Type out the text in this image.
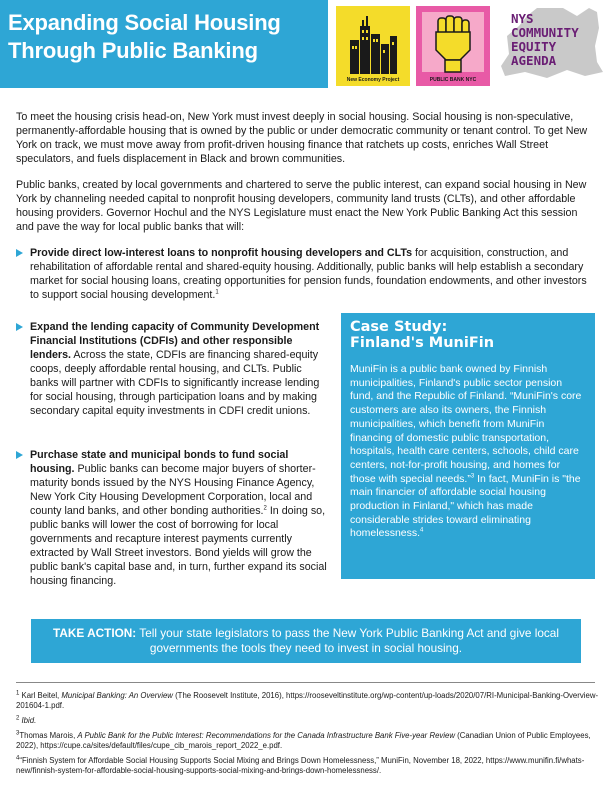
Expanding Social Housing
Through Public Banking
New Economy Project	PUBLIC BANK NYC
NYS
COMMUNITY
EQUITY
AGENDA
To meet the housing crisis head-on, New York must invest deeply in social housing. Social housing is non-speculative, permanently-affordable housing that is owned by the public or under democratic community or tenant control. To get New York on track, we must move away from profit-driven housing finance that ratchets up costs, enriches Wall Street speculators, and fuels displacement in Black and brown communities.
Public banks, created by local governments and chartered to serve the public interest, can expand social housing in New York by channeling needed capital to nonprofit housing developers, community land trusts (CLTs), and other affordable housing providers. Governor Hochul and the NYS Legislature must enact the New York Public Banking Act this session and pave the way for local public banks that will:
Provide direct low-interest loans to nonprofit housing developers and CLTs for acquisition, construction, and rehabilitation of affordable rental and shared-equity housing. Additionally, public banks will help establish a secondary market for social housing loans, creating opportunities for pension funds, foundation endowments, and other investors to support social housing development.$^1$
Expand the lending capacity of Community Development Financial Institutions (CDFIs) and other responsible lenders. Across the state, CDFIs are financing shared-equity coops, deeply affordable rental housing, and CLTs. Public banks will partner with CDFIs to significantly increase lending for social housing, through participation loans and by making secondary capital equity investments in CDFI credit unions.
Purchase state and municipal bonds to fund social housing. Public banks can become major buyers of shorter-maturity bonds issued by the NYS Housing Finance Agency, New York City Housing Development Corporation, local and county land banks, and other bonding authorities.$^2$ In doing so, public banks will lower the cost of borrowing for local governments and recapture interest payments currently extracted by Wall Street investors. Bond yields will grow the public bank's capital base and, in turn, further expand its social housing financing.
Case Study:
Finland's MuniFin

MuniFin is a public bank owned by Finnish municipalities, Finland's public sector pension fund, and the Republic of Finland. “MuniFin's core customers are also its owners, the Finnish municipalities, which benefit from MuniFin financing of domestic public transportation, hospitals, health care centers, schools, child care centers, not-for-profit housing, and homes for those with special needs.”$^3$ In fact, MuniFin is "the main financier of affordable social housing production in Finland," which has made considerable strides toward eliminating homelessness.$^4$

TAKE ACTION: Tell your state legislators to pass the New York Public Banking Act and give local governments the tools they need to invest in social housing.
$^1$ Karl Beitel, Municipal Banking: An Overview (The Roosevelt Institute, 2016), https://rooseveltinstitute.org/wp-content/up-loads/2020/07/RI-Municipal-Banking-Overview-201604-1.pdf.
$^2$ Ibid.
$^3$Thomas Marois, A Public Bank for the Public Interest: Recommendations for the Canada Infrastructure Bank Five-year Review (Canadian Union of Public Employees, 2022), https://cupe.ca/sites/default/files/cupe_cib_marois_report_2022_e.pdf.
$^4$“Finnish System for Affordable Social Housing Supports Social Mixing and Brings Down Homelessness,” MuniFin, November 18, 2022, https://www.munifin.fi/whats-new/finnish-system-for-affordable-social-housing-supports-social-mixing-and-brings-down-homelessness/.
